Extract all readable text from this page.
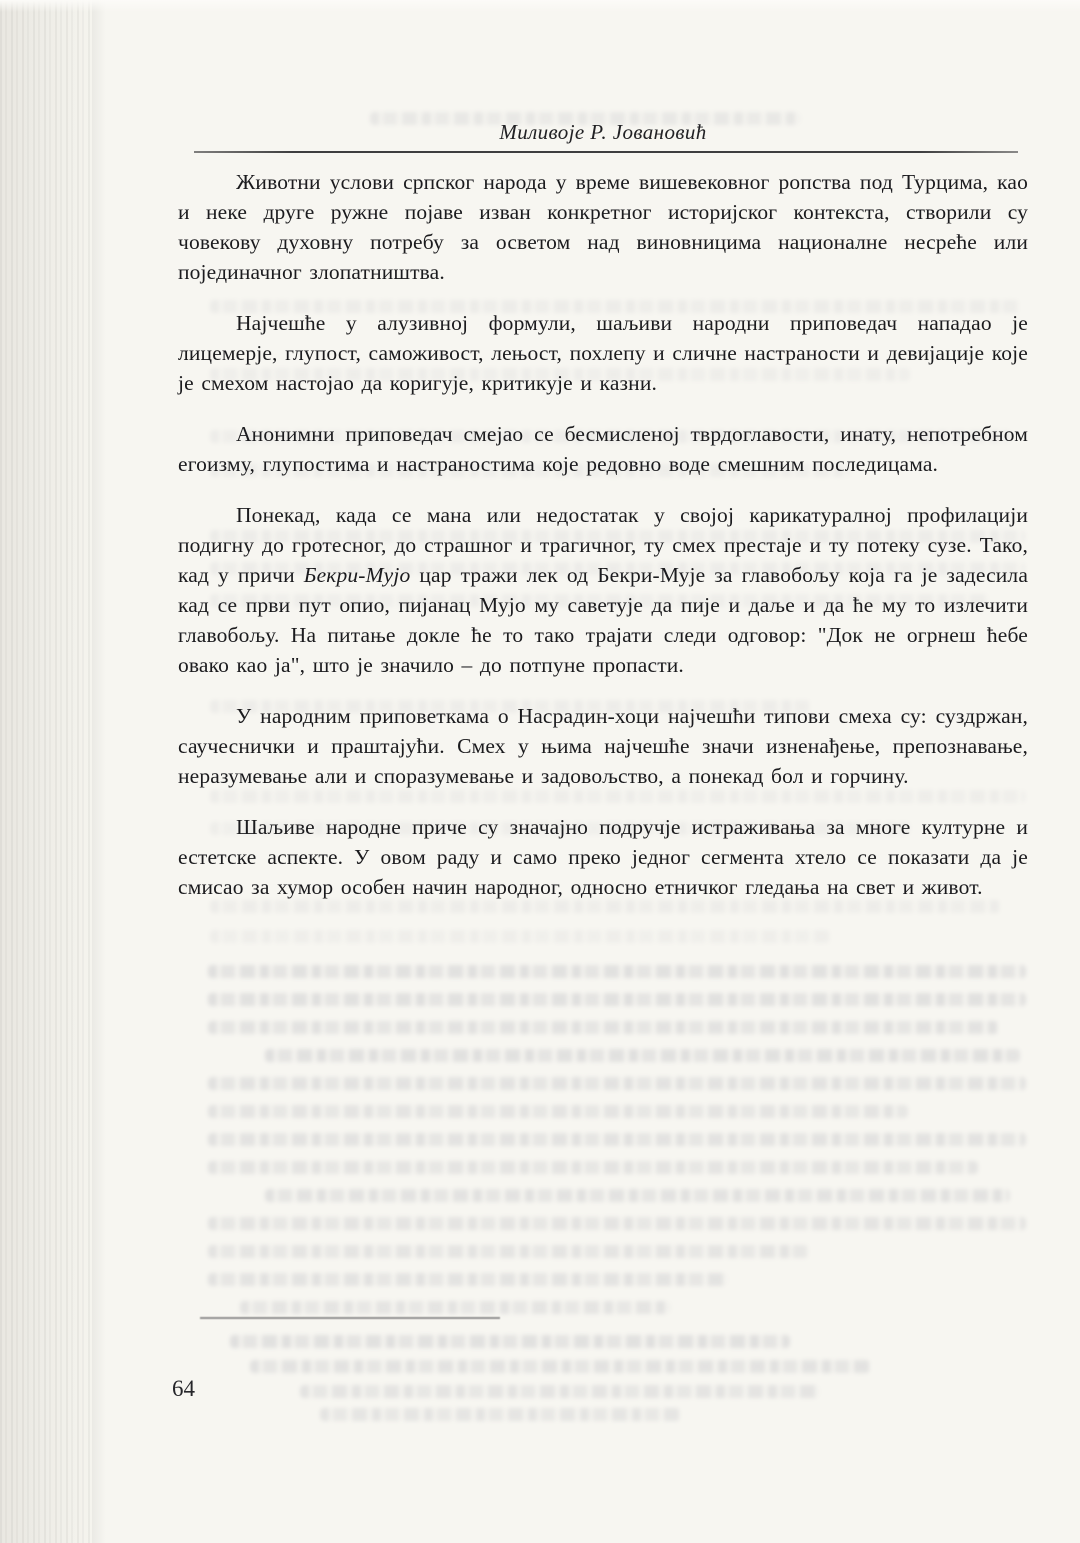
Миливоје Р. Јовановић

Животни услови српског народа у време вишевековног ропства под Турцима, као и неке друге ружне појаве изван конкретног историјског контекста, створили су човекову духовну потребу за осветом над виновницима националне несреће или појединачног злопатништва.

Најчешће у алузивној формули, шаљиви народни приповедач нападао је лицемерје, глупост, саможивост, лењост, похлепу и сличне настраности и девијације које је смехом настојао да коригује, критикује и казни.

Анонимни приповедач смејао се бесмисленој тврдоглавости, инату, непотребном егоизму, глупостима и настраностима које редовно воде смешним последицама.

Понекад, када се мана или недостатак у својој карикатуралној профилацији подигну до гротесног, до страшног и трагичног, ту смех престаје и ту потеку сузе. Тако, кад у причи Бекри-Мујо цар тражи лек од Бекри-Мује за главобољу која га је задесила кад се први пут опио, пијанац Мујо му саветује да пије и даље и да ће му то излечити главобољу. На питање докле ће то тако трајати следи одговор: "Док не огрнеш ћебе овако као ја", што је значило – до потпуне пропасти.

У народним приповеткама о Насрадин-хоци најчешћи типови смеха су: суздржан, саучеснички и праштајући. Смех у њима најчешће значи изненађење, препознавање, неразумевање али и споразумевање и задовољство, а понекад бол и горчину.

Шаљиве народне приче су значајно подручје истраживања за многе културне и естетске аспекте. У овом раду и само преко једног сегмента хтело се показати да је смисао за хумор особен начин народног, односно етничког гледања на свет и живот.

64
